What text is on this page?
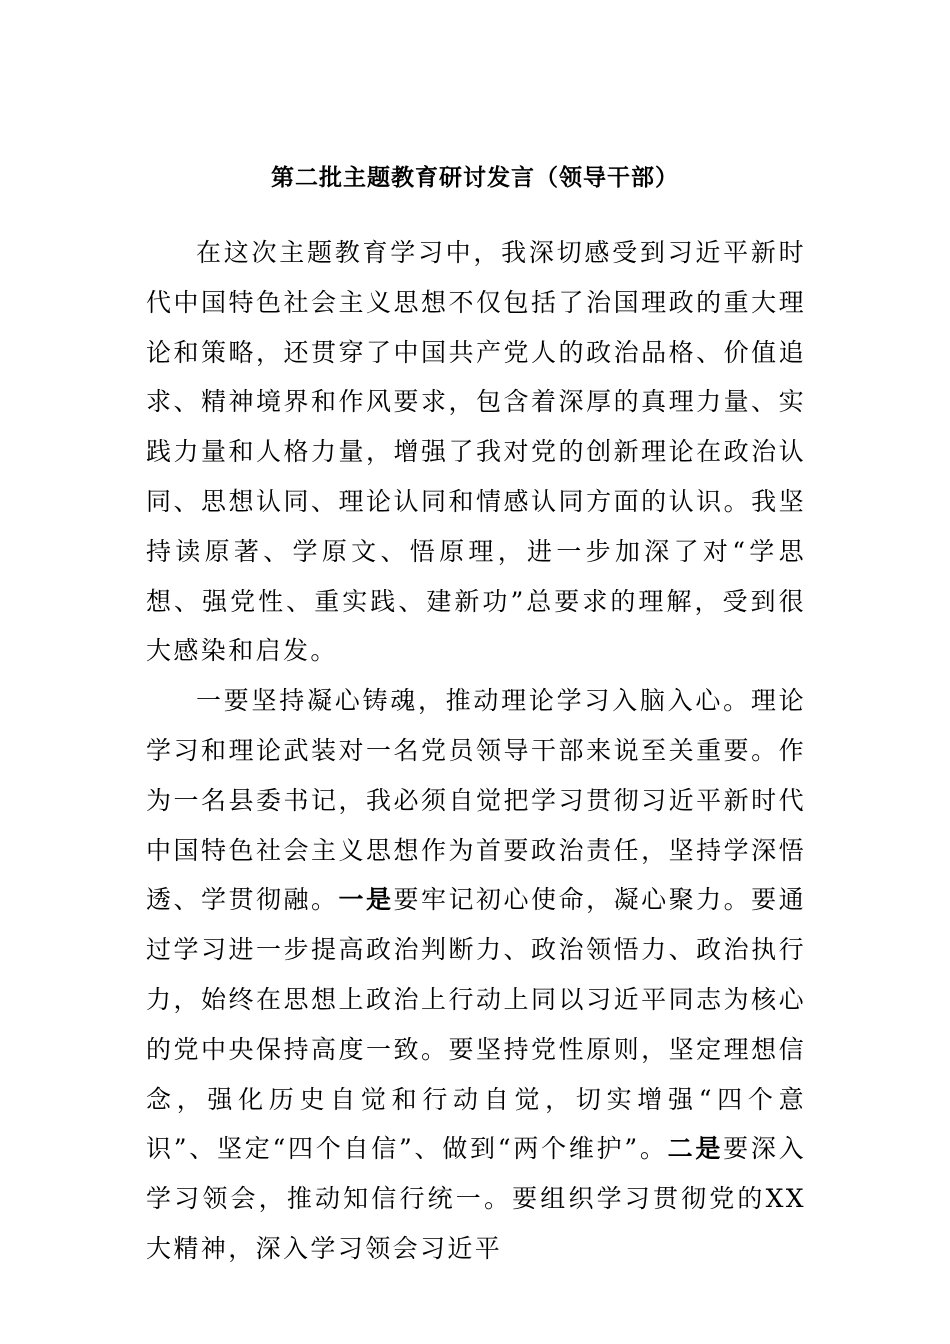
第二批主题教育研讨发言（领导干部）

在这次主题教育学习中，我深切感受到习近平新时代中国特色社会主义思想不仅包括了治国理政的重大理论和策略，还贯穿了中国共产党人的政治品格、价值追求、精神境界和作风要求，包含着深厚的真理力量、实践力量和人格力量，增强了我对党的创新理论在政治认同、思想认同、理论认同和情感认同方面的认识。我坚持读原著、学原文、悟原理，进一步加深了对“学思想、强党性、重实践、建新功”总要求的理解，受到很大感染和启发。

一要坚持凝心铸魂，推动理论学习入脑入心。理论学习和理论武装对一名党员领导干部来说至关重要。作为一名县委书记，我必须自觉把学习贯彻习近平新时代中国特色社会主义思想作为首要政治责任，坚持学深悟透、学贯彻融。一是要牢记初心使命，凝心聚力。要通过学习进一步提高政治判断力、政治领悟力、政治执行力，始终在思想上政治上行动上同以习近平同志为核心的党中央保持高度一致。要坚持党性原则，坚定理想信念，强化历史自觉和行动自觉，切实增强“四个意识”、坚定“四个自信”、做到“两个维护”。二是要深入学习领会，推动知信行统一。要组织学习贯彻党的XX大精神，深入学习领会习近平
